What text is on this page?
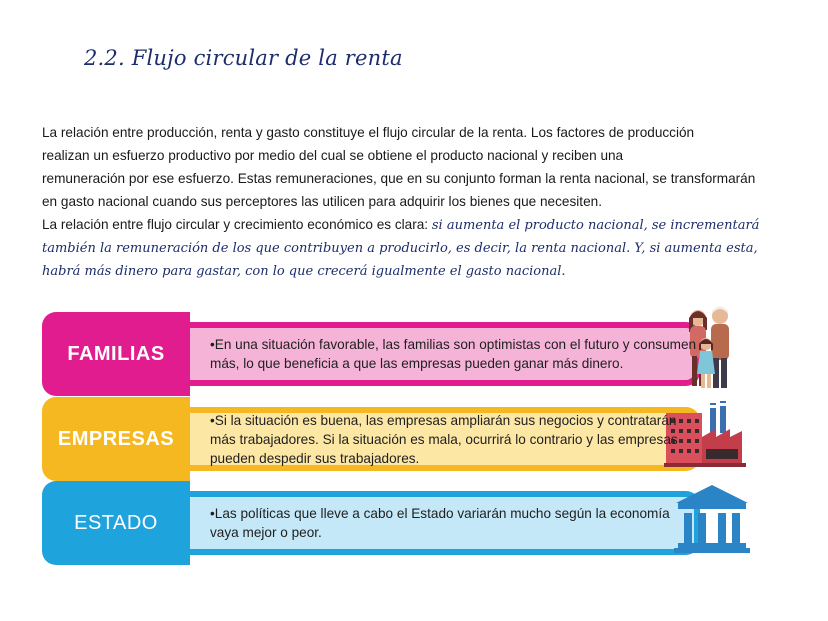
2.2. Flujo circular de la renta
La relación entre producción, renta y gasto constituye el flujo circular de la renta. Los factores de producción
realizan un esfuerzo productivo por medio del cual se obtiene el producto nacional y reciben una
remuneración por ese esfuerzo. Estas remuneraciones, que en su conjunto forman la renta nacional, se transformarán
en gasto nacional cuando sus perceptores las utilicen para adquirir los bienes que necesiten.
La relación entre flujo circular y crecimiento económico es clara: si aumenta el producto nacional, se incrementará
también la remuneración de los que contribuyen a producirlo, es decir, la renta nacional. Y, si aumenta esta,
habrá más dinero para gastar, con lo que crecerá igualmente el gasto nacional.
FAMILIAS	•En una situación favorable, las familias son optimistas con el futuro y consumen más, lo que beneficia a que las empresas pueden ganar más dinero.
EMPRESAS
•Si la situación es buena, las empresas ampliarán sus negocios y contratarán más trabajadores. Si la situación es mala, ocurrirá lo contrario y las empresas pueden despedir sus trabajadores.
ESTADO	•Las políticas que lleve a cabo el Estado variarán mucho según la economía vaya mejor o peor.
